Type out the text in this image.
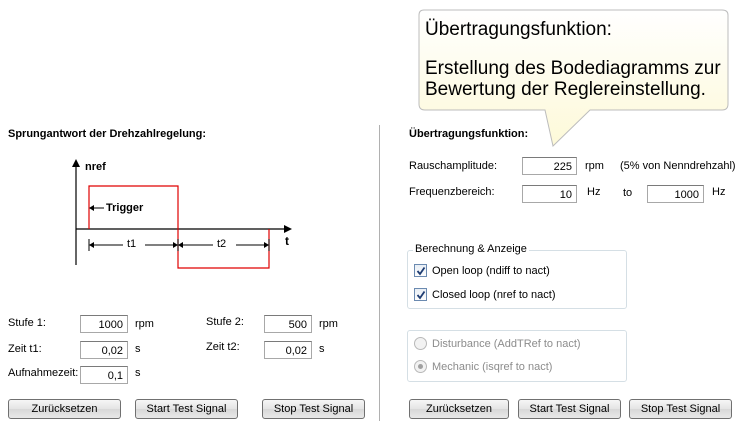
Übertragungsfunktion:
Erstellung des Bodediagramms zur
Bewertung der Reglereinstellung.
Sprungantwort der Drehzahlregelung:
nref
t
Trigger
t1	t2
Stufe 1:	1000	rpm
Zeit t1:	0,02	s
Aufnahmezeit:	0,1	s
Stufe 2:	500	rpm
Zeit t2:	0,02	s
Zurücksetzen	Start Test Signal	Stop Test Signal
Übertragungsfunktion:
Rauschamplitude:	225	rpm (5% von Nenndrehzahl)
Frequenzbereich:	10	Hz to	1000	Hz
Berechnung & Anzeige
Open loop (ndiff to nact)
Closed loop (nref to nact)
Disturbance (AddTRef to nact)
Mechanic (isqref to nact)
Zurücksetzen	Start Test Signal	Stop Test Signal
